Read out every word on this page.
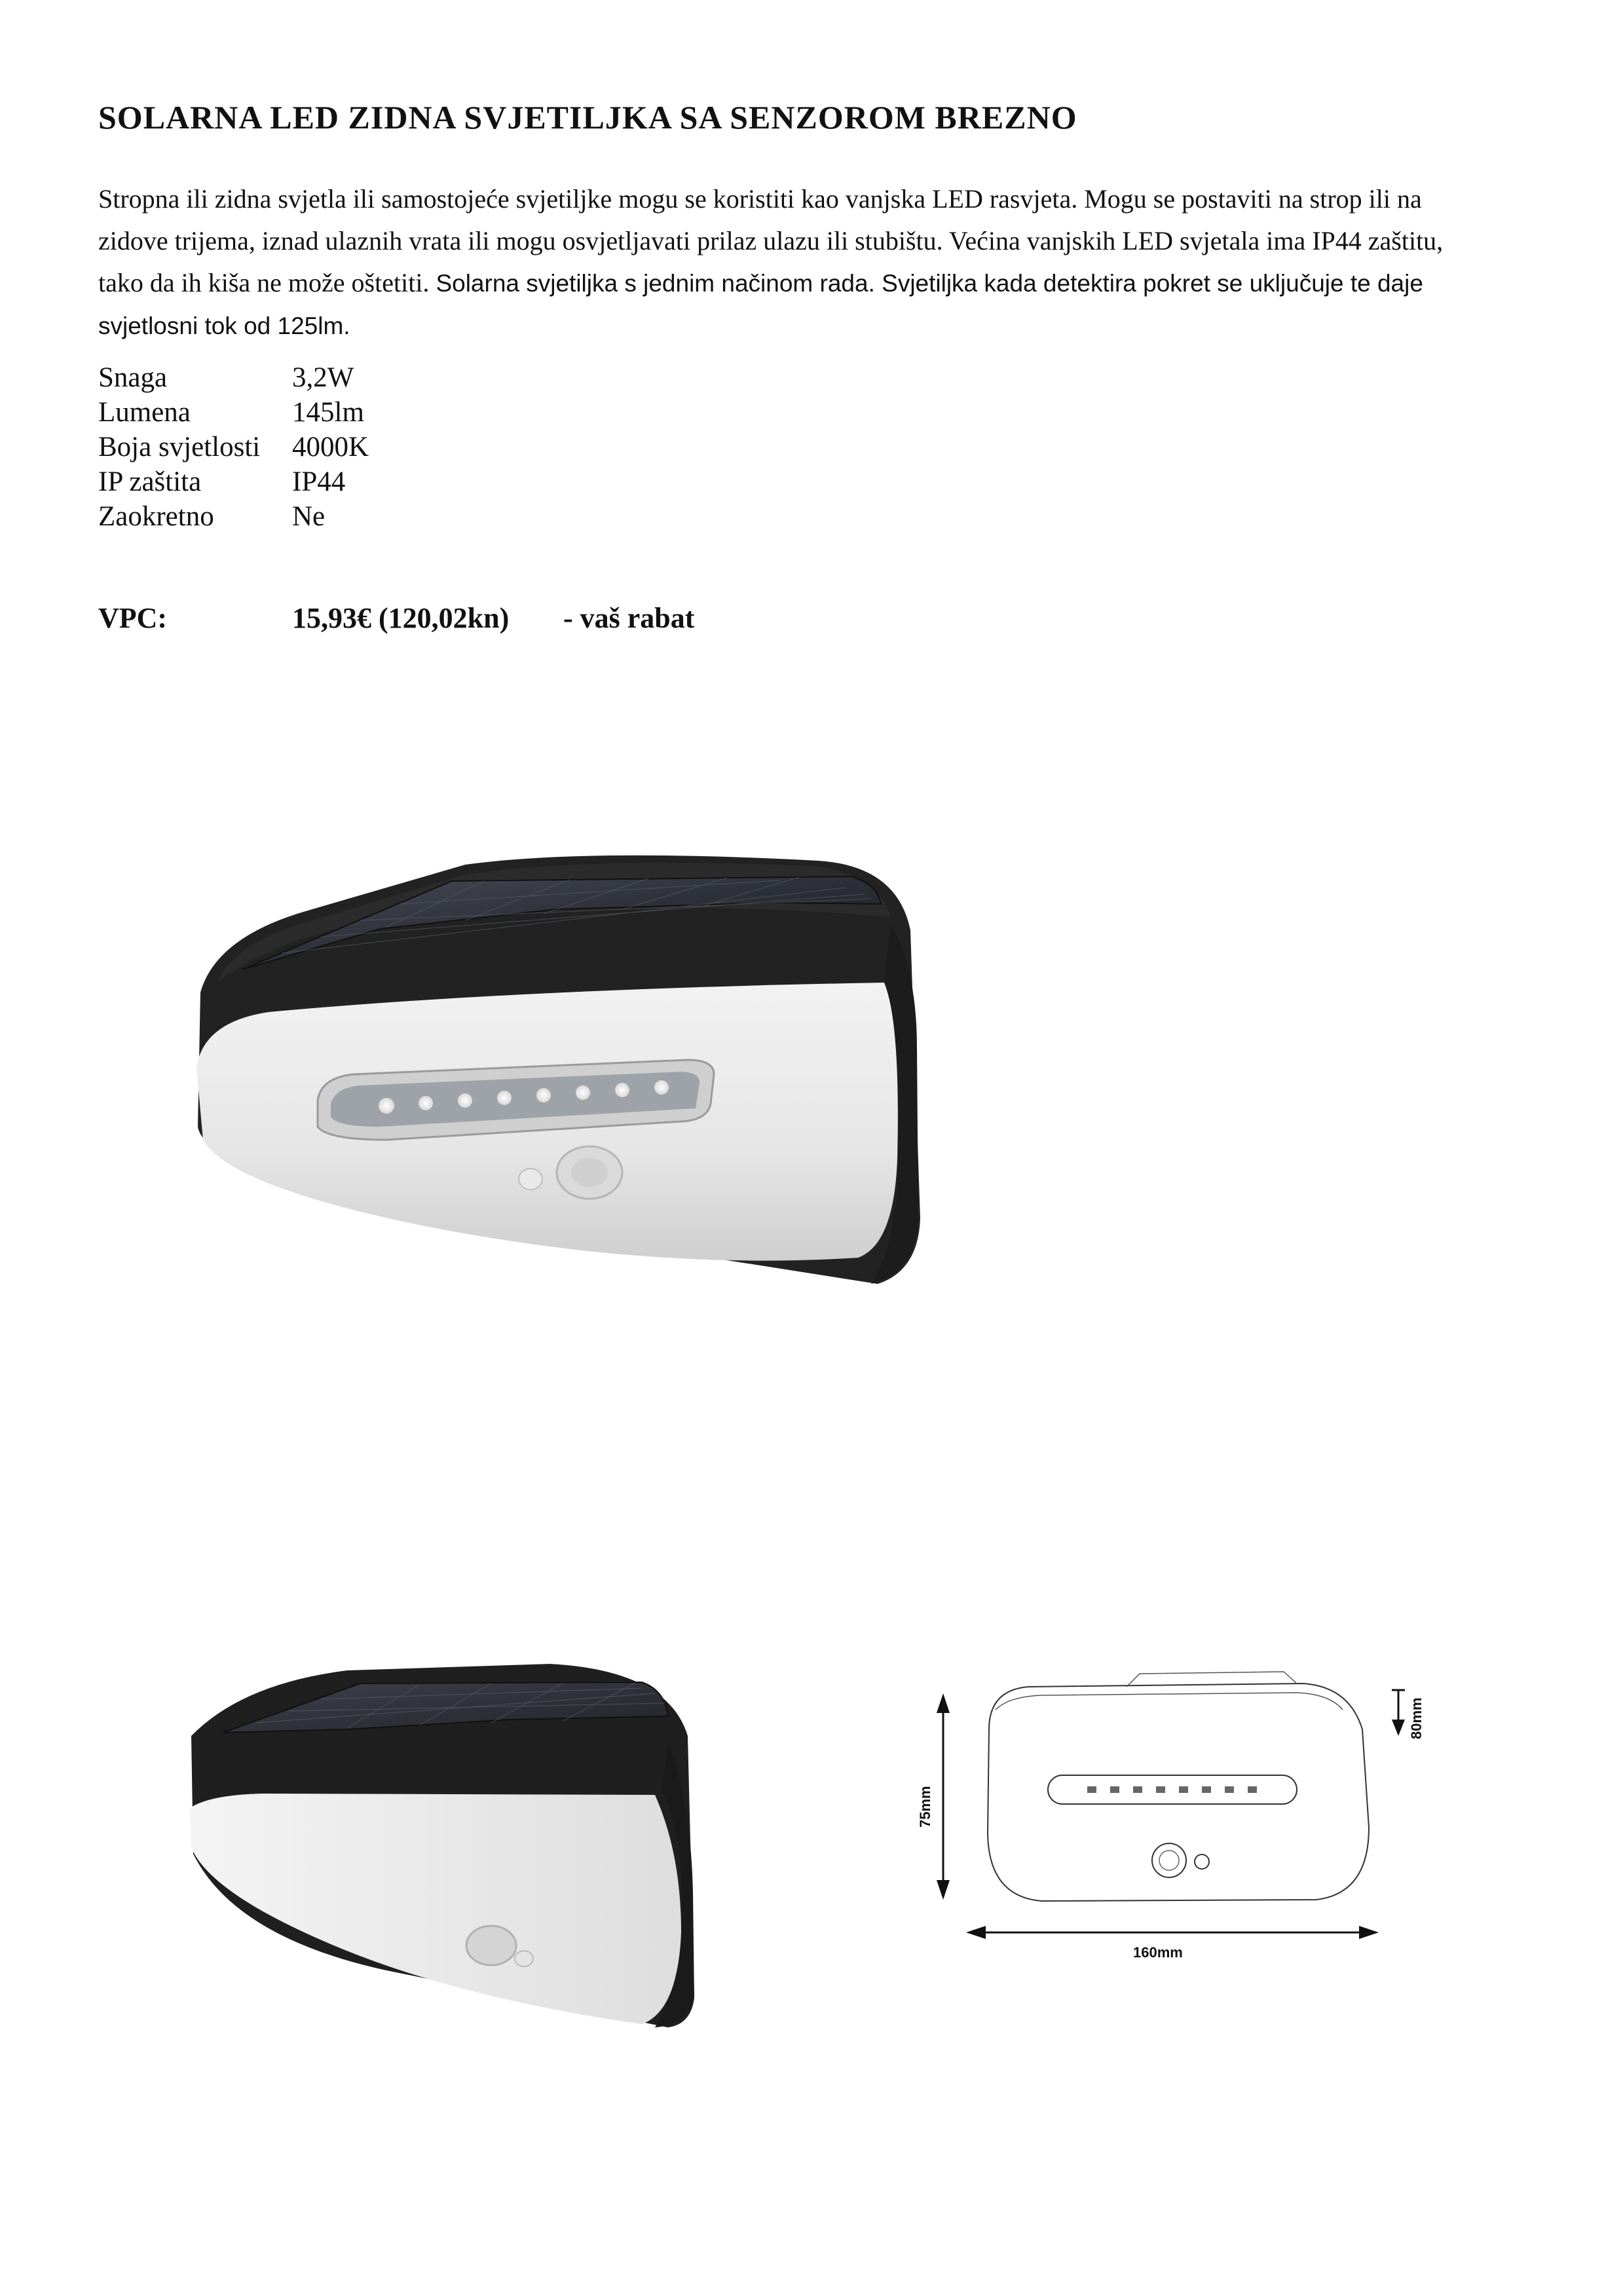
SOLARNA LED ZIDNA SVJETILJKA SA SENZOROM BREZNO
Stropna ili zidna svjetla ili samostojeće svjetiljke mogu se koristiti kao vanjska LED rasvjeta. Mogu se postaviti na strop ili na zidove trijema, iznad ulaznih vrata ili mogu osvjetljavati prilaz ulazu ili stubištu. Većina vanjskih LED svjetala ima IP44 zaštitu, tako da ih kiša ne može oštetiti. Solarna svjetiljka s jednim načinom rada. Svjetiljka kada detektira pokret se uključuje te daje svjetlosni tok od 125lm.
Snaga	3,2W
Lumena	145lm
Boja svjetlosti 4000K
IP zaštita	IP44
Zaokretno	Ne
VPC:	15,93€ (120,02kn) - vaš rabat
75mm
80mm
160mm
